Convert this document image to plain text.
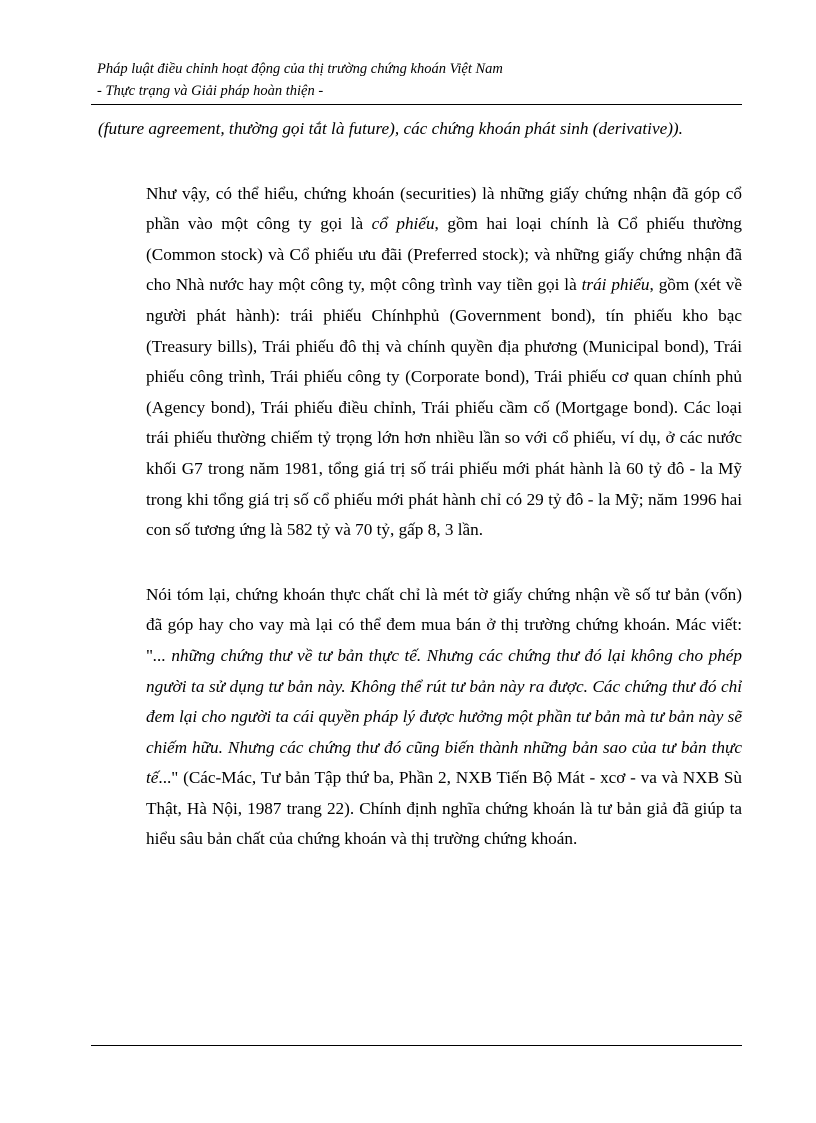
Pháp luật điều chỉnh hoạt động của thị trường chứng khoán Việt Nam
- Thực trạng và Giải pháp hoàn thiện -

(future agreement, thường gọi tắt là future), các chứng khoán phát sinh (derivative)).

Như vậy, có thể hiểu, chứng khoán (securities) là những giấy chứng nhận đã góp cổ phần vào một công ty gọi là cổ phiếu, gồm hai loại chính là Cổ phiếu thường (Common stock) và Cổ phiếu ưu đãi (Preferred stock); và những giấy chứng nhận đã cho Nhà nước hay một công ty, một công trình vay tiền gọi là trái phiếu, gồm (xét về người phát hành): trái phiếu Chínhphủ (Government bond), tín phiếu kho bạc (Treasury bills), Trái phiếu đô thị và chính quyền địa phương (Municipal bond), Trái phiếu công trình, Trái phiếu công ty (Corporate bond), Trái phiếu cơ quan chính phủ (Agency bond), Trái phiếu điều chỉnh, Trái phiếu cầm cố (Mortgage bond). Các loại trái phiếu thường chiếm tỷ trọng lớn hơn nhiều lần so với cổ phiếu, ví dụ, ở các nước khối G7 trong năm 1981, tổng giá trị số trái phiếu mới phát hành là 60 tỷ đô - la Mỹ trong khi tổng giá trị số cổ phiếu mới phát hành chỉ có 29 tỷ đô - la Mỹ; năm 1996 hai con số tương ứng là 582 tỷ và 70 tỷ, gấp 8, 3 lần.

Nói tóm lại, chứng khoán thực chất chỉ là mét tờ giấy chứng nhận về số tư bản (vốn) đã góp hay cho vay mà lại có thể đem mua bán ở thị trường chứng khoán. Mác viết: "... những chứng thư về tư bản thực tế. Nhưng các chứng thư đó lại không cho phép người ta sử dụng tư bản này. Không thể rút tư bản này ra được. Các chứng thư đó chỉ đem lại cho người ta cái quyền pháp lý được hưởng một phần tư bản mà tư bản này sẽ chiếm hữu. Nhưng các chứng thư đó cũng biến thành những bản sao của tư bản thực tế..." (Các-Mác, Tư bản Tập thứ ba, Phần 2, NXB Tiến Bộ Mát - xcơ - va và NXB Sù Thật, Hà Nội, 1987 trang 22). Chính định nghĩa chứng khoán là tư bản giả đã giúp ta hiểu sâu bản chất của chứng khoán và thị trường chứng khoán.
